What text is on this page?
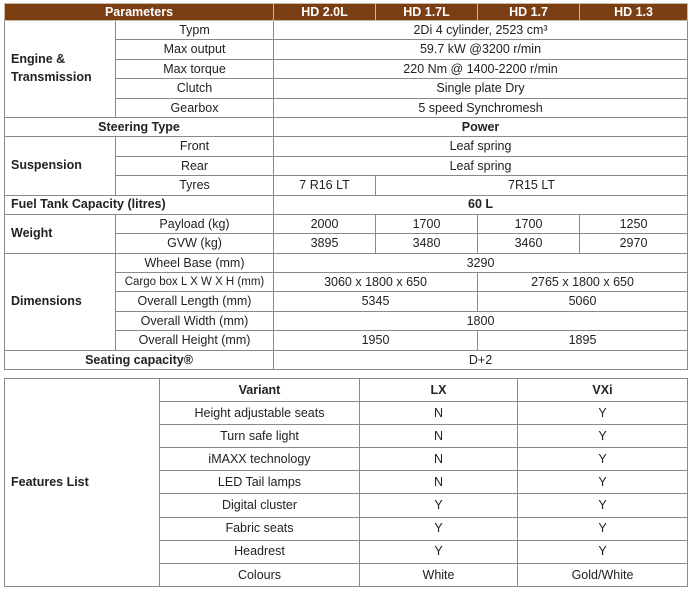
Parameters		HD 2.0L	HD 1.7L	HD 1.7	HD 1.3
Engine & Transmission	Typm	2Di 4 cylinder, 2523 cm³			
	Max output	59.7 kW @3200 r/min			
	Max torque	220 Nm @ 1400-2200 r/min			
	Clutch	Single plate Dry			
	Gearbox	5 speed Synchromesh			
Steering Type		Power			
Suspension	Front	Leaf spring			
	Rear	Leaf spring			
	Tyres	7 R16 LT	7R15 LT		
Fuel Tank Capacity (litres)		60 L			
Weight	Payload (kg)	2000	1700	1700	1250
	GVW (kg)	3895	3480	3460	2970
Dimensions	Wheel Base (mm)	3290			
	Cargo box L X W X H (mm)	3060 x 1800 x 650		2765 x 1800 x 650	
	Overall Length (mm)	5345		5060	
	Overall Width (mm)	1800			
	Overall Height (mm)	1950		1895	
Seating capacity®		D+2			
Features List	Variant	LX	VXi
	Height adjustable seats	N	Y
	Turn safe light	N	Y
	iMAXX technology	N	Y
	LED Tail lamps	N	Y
	Digital cluster	Y	Y
	Fabric seats	Y	Y
	Headrest	Y	Y
	Colours	White	Gold/White
